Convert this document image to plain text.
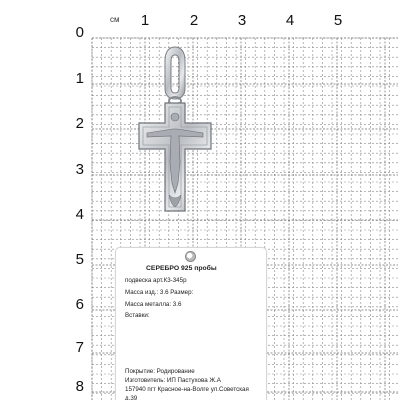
см	1	2	3	4	5
0
1
2
3
4
5
6
7
8
СЕРЕБРО 925 пробы
подвеска арт.К3-345р
Масса изд.: 3.6 Размер:
Масса металла: 3.6
Вставки:
Покрытие: Родирование
Изготовитель: ИП Пастухова Ж.А
157940 пгт Красное-на-Волге ул.Советская
д.39
